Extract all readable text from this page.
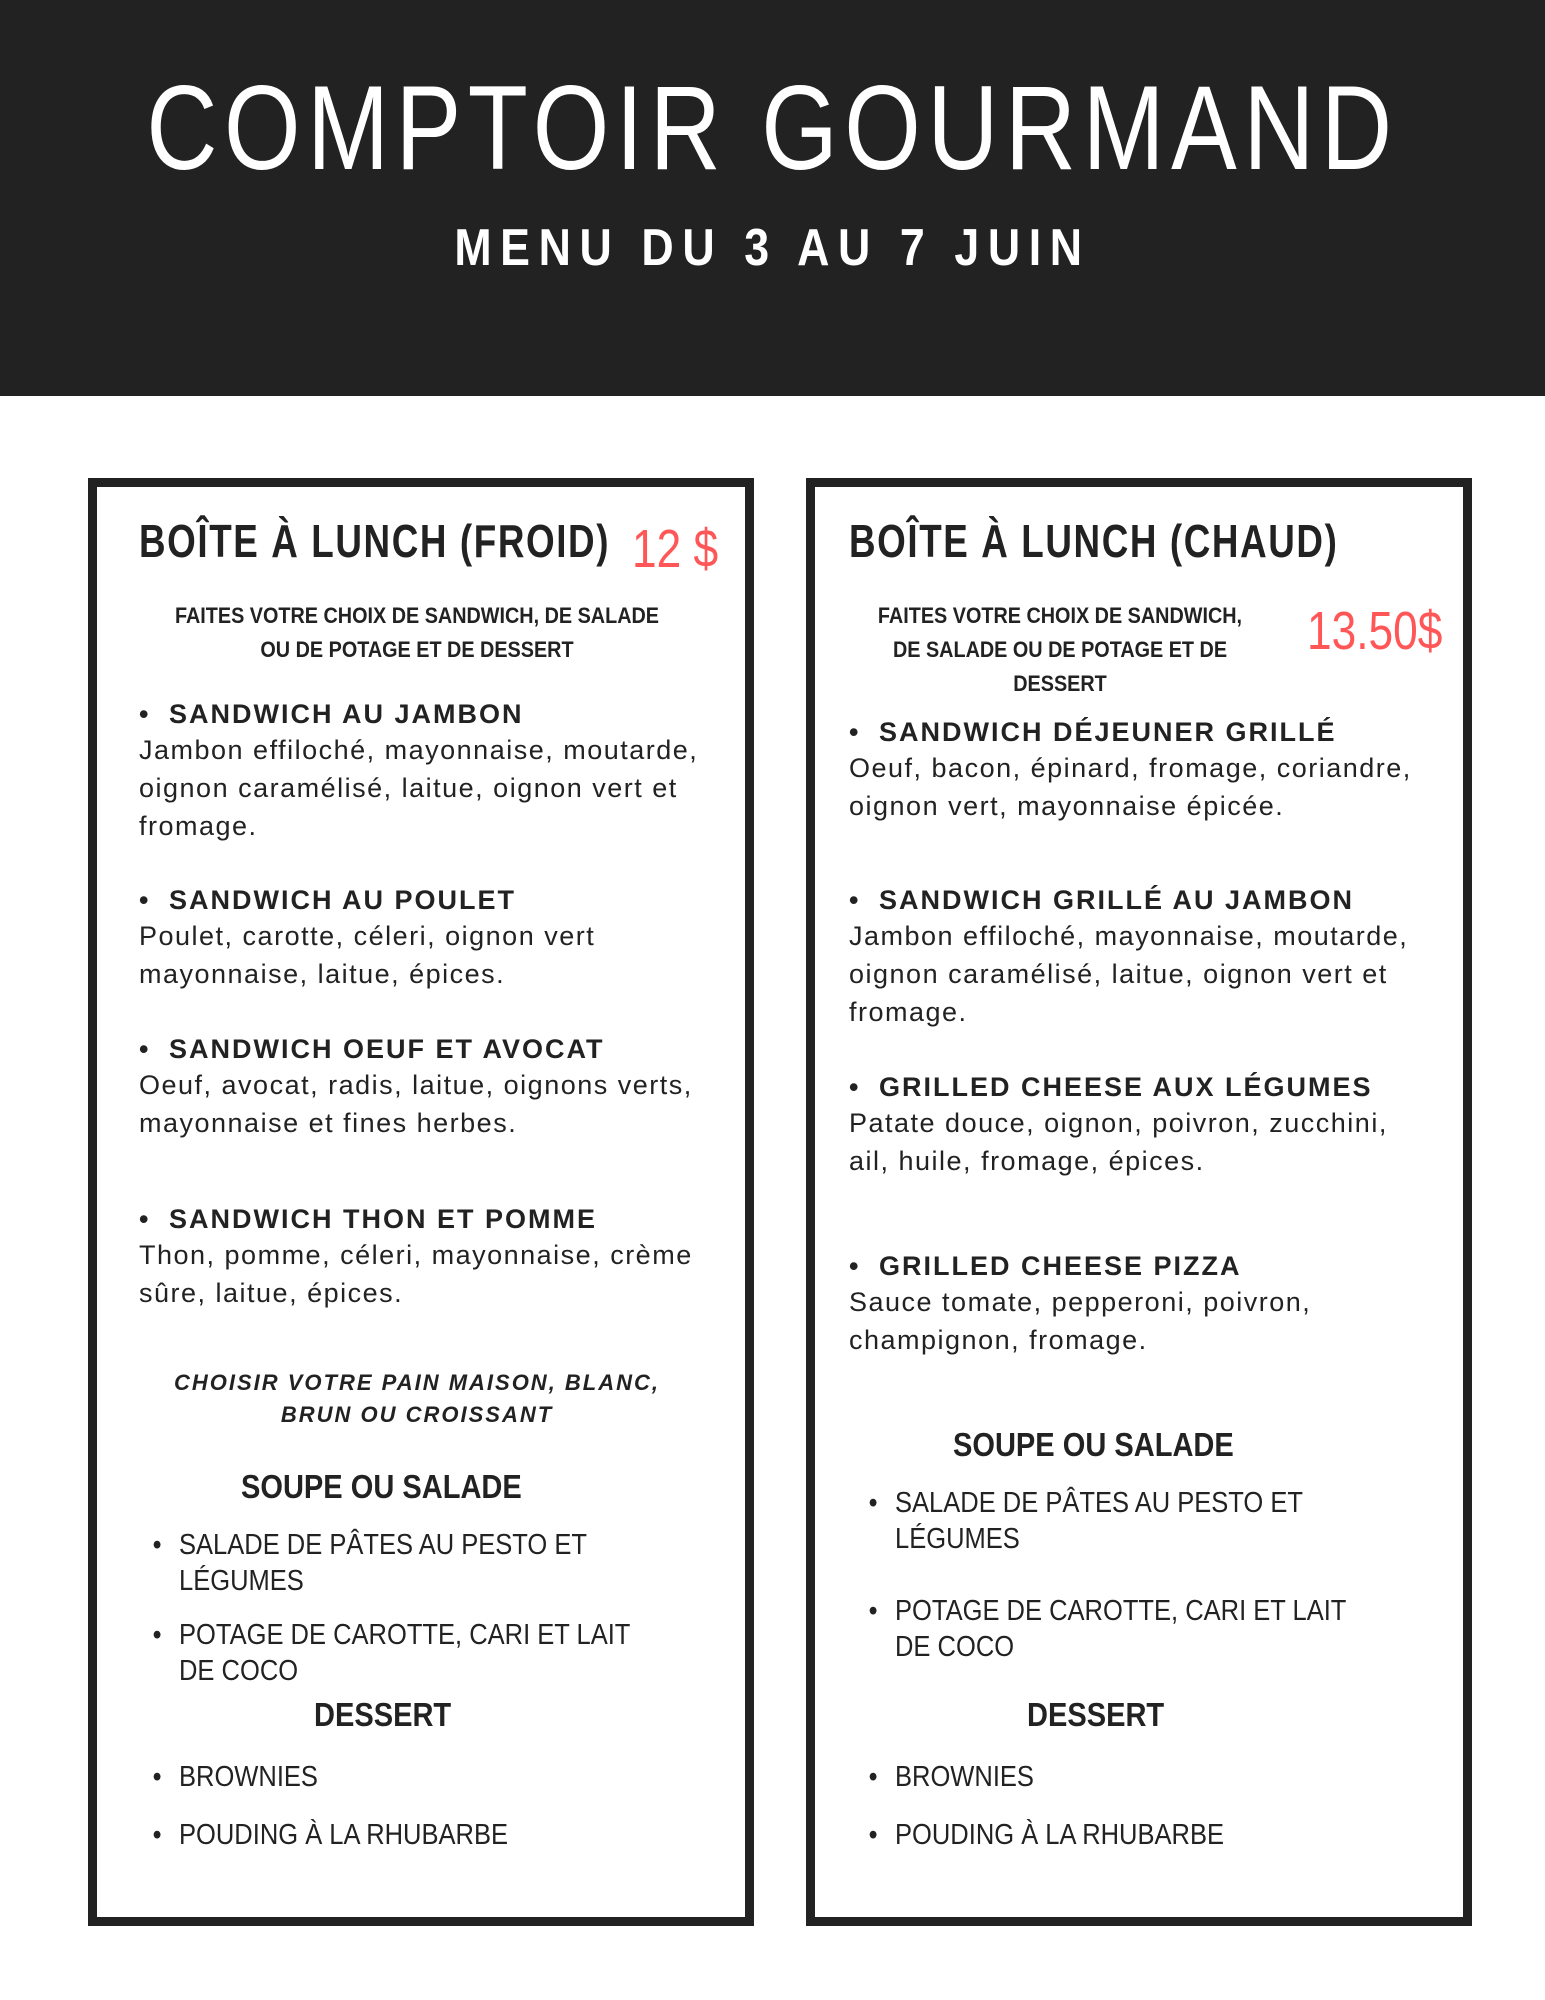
COMPTOIR GOURMAND
MENU DU 3 AU 7 JUIN
BOÎTE À LUNCH (FROID) 12 $
FAITES VOTRE CHOIX DE SANDWICH, DE SALADE OU DE POTAGE ET DE DESSERT
• SANDWICH AU JAMBON
Jambon effiloché, mayonnaise, moutarde, oignon caramélisé, laitue, oignon vert et fromage.
• SANDWICH AU POULET
Poulet, carotte, céleri, oignon vert mayonnaise, laitue, épices.
• SANDWICH OEUF ET AVOCAT
Oeuf, avocat, radis, laitue, oignons verts, mayonnaise et fines herbes.
• SANDWICH THON ET POMME
Thon, pomme, céleri, mayonnaise, crème sûre, laitue, épices.
CHOISIR VOTRE PAIN MAISON, BLANC, BRUN OU CROISSANT
SOUPE OU SALADE
• SALADE DE PÂTES AU PESTO ET LÉGUMES
• POTAGE DE CAROTTE, CARI ET LAIT DE COCO
DESSERT
• BROWNIES
• POUDING À LA RHUBARBE
BOÎTE À LUNCH (CHAUD)
FAITES VOTRE CHOIX DE SANDWICH, DE SALADE OU DE POTAGE ET DE DESSERT
13.50$
• SANDWICH DÉJEUNER GRILLÉ
Oeuf, bacon, épinard, fromage, coriandre, oignon vert, mayonnaise épicée.
• SANDWICH GRILLÉ AU JAMBON
Jambon effiloché, mayonnaise, moutarde, oignon caramélisé, laitue, oignon vert et fromage.
• GRILLED CHEESE AUX LÉGUMES
Patate douce, oignon, poivron, zucchini, ail, huile, fromage, épices.
• GRILLED CHEESE PIZZA
Sauce tomate, pepperoni, poivron, champignon, fromage.
SOUPE OU SALADE
• SALADE DE PÂTES AU PESTO ET LÉGUMES
• POTAGE DE CAROTTE, CARI ET LAIT DE COCO
DESSERT
• BROWNIES
• POUDING À LA RHUBARBE
